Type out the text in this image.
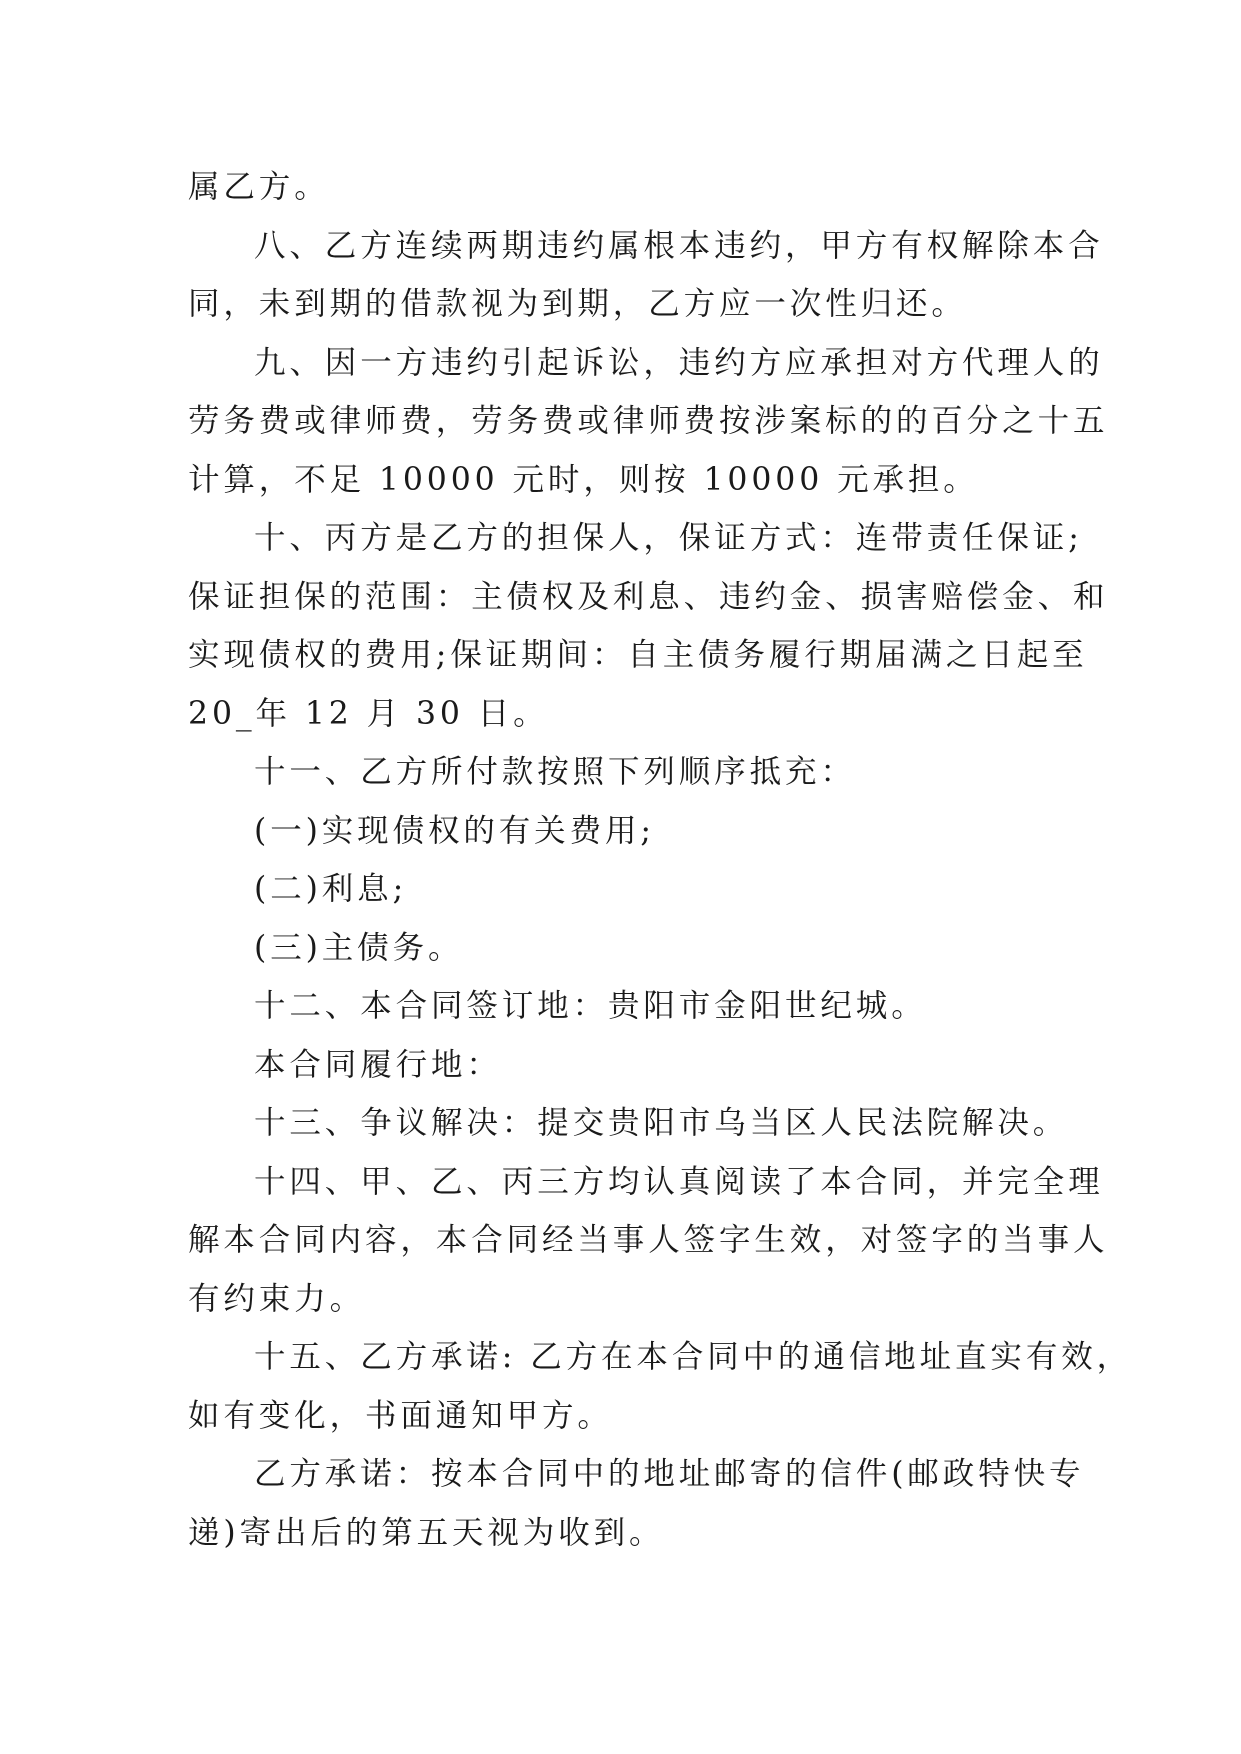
属乙方。

八、乙方连续两期违约属根本违约，甲方有权解除本合
同，未到期的借款视为到期，乙方应一次性归还。

九、因一方违约引起诉讼，违约方应承担对方代理人的
劳务费或律师费，劳务费或律师费按涉案标的的百分之十五
计算，不足 10000 元时，则按 10000 元承担。

十、丙方是乙方的担保人，保证方式：连带责任保证;
保证担保的范围：主债权及利息、违约金、损害赔偿金、和
实现债权的费用;保证期间：自主债务履行期届满之日起至
20_年 12 月 30 日。

十一、乙方所付款按照下列顺序抵充：

(一)实现债权的有关费用;

(二)利息;

(三)主债务。

十二、本合同签订地：贵阳市金阳世纪城。

本合同履行地：

十三、争议解决：提交贵阳市乌当区人民法院解决。

十四、甲、乙、丙三方均认真阅读了本合同，并完全理
解本合同内容，本合同经当事人签字生效，对签字的当事人
有约束力。

十五、乙方承诺: 乙方在本合同中的通信地址直实有效，
如有变化，书面通知甲方。

乙方承诺：按本合同中的地址邮寄的信件(邮政特快专
递)寄出后的第五天视为收到。
